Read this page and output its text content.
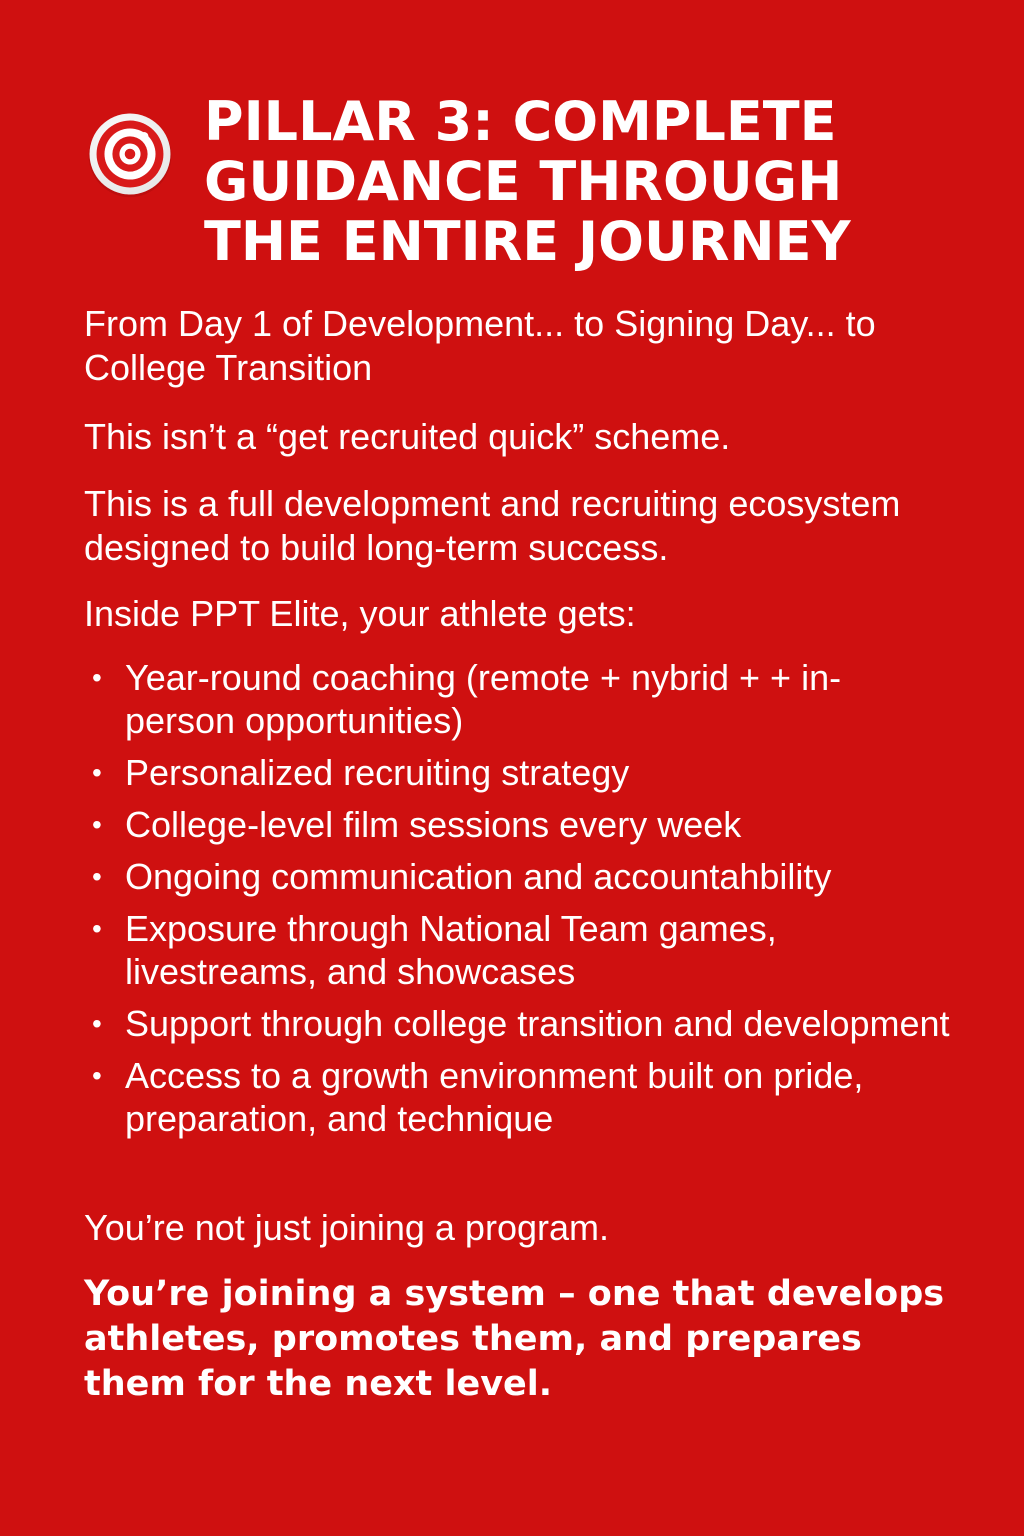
PILLAR 3: COMPLETE GUIDANCE THROUGH THE ENTIRE JOURNEY

From Day 1 of Development... to Signing Day... to College Transition

This isn’t a “get recruited quick” scheme.

This is a full development and recruiting ecosystem designed to build long-term success.

Inside PPT Elite, your athlete gets:

• Year-round coaching (remote + nybrid + + in-person opportunities)
• Personalized recruiting strategy
• College-level film sessions every week
• Ongoing communication and accountahbility
• Exposure through National Team games, livestreams, and showcases
• Support through college transition and development
• Access to a growth environment built on pride, preparation, and technique

You’re not just joining a program.

You’re joining a system – one that develops athletes, promotes them, and prepares them for the next level.
